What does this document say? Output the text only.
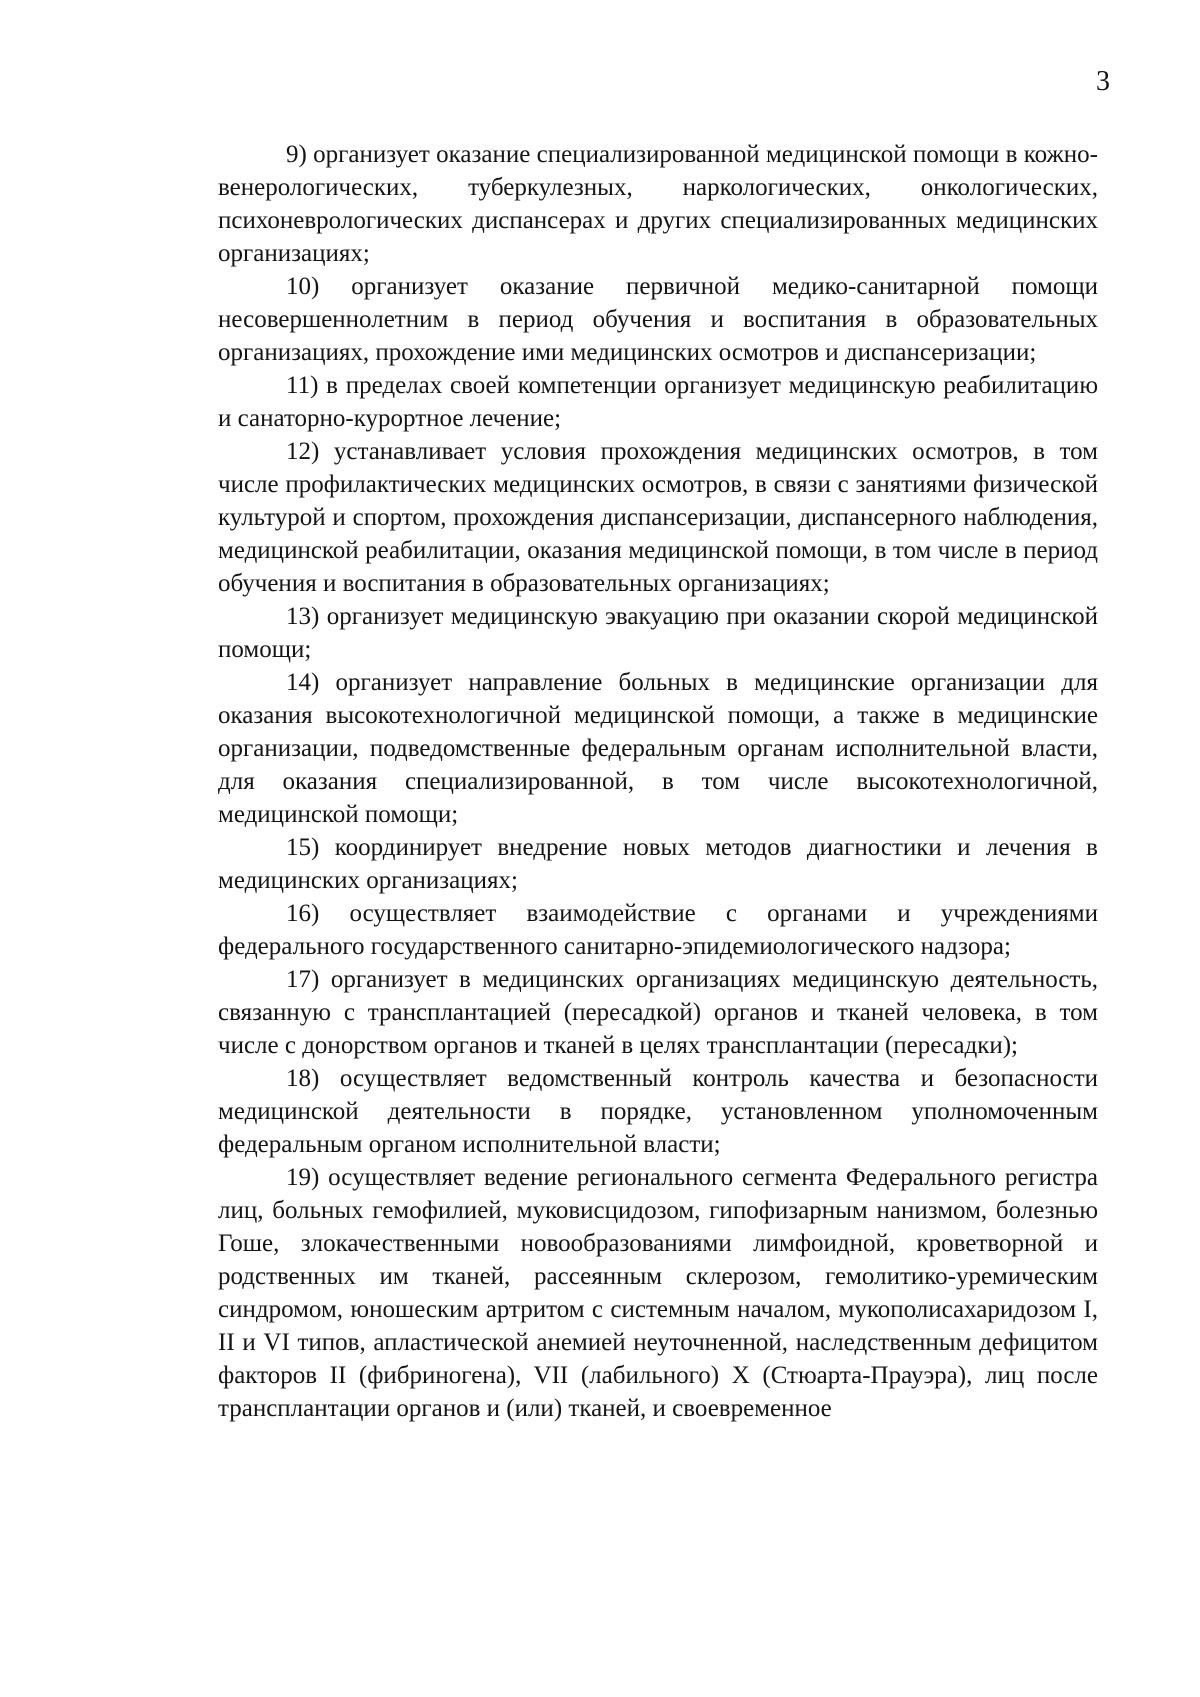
3

9) организует оказание специализированной медицинской помощи в кожно-венерологических, туберкулезных, наркологических, онкологических, психоневрологических диспансерах и других специализированных медицинских организациях;

10) организует оказание первичной медико-санитарной помощи несовершеннолетним в период обучения и воспитания в образовательных организациях, прохождение ими медицинских осмотров и диспансеризации;

11) в пределах своей компетенции организует медицинскую реабилитацию и санаторно-курортное лечение;

12) устанавливает условия прохождения медицинских осмотров, в том числе профилактических медицинских осмотров, в связи с занятиями физической культурой и спортом, прохождения диспансеризации, диспансерного наблюдения, медицинской реабилитации, оказания медицинской помощи, в том числе в период обучения и воспитания в образовательных организациях;

13) организует медицинскую эвакуацию при оказании скорой медицинской помощи;

14) организует направление больных в медицинские организации для оказания высокотехнологичной медицинской помощи, а также в медицинские организации, подведомственные федеральным органам исполнительной власти, для оказания специализированной, в том числе высокотехнологичной, медицинской помощи;

15) координирует внедрение новых методов диагностики и лечения в медицинских организациях;

16) осуществляет взаимодействие с органами и учреждениями федерального государственного санитарно-эпидемиологического надзора;

17) организует в медицинских организациях медицинскую деятельность, связанную с трансплантацией (пересадкой) органов и тканей человека, в том числе с донорством органов и тканей в целях трансплантации (пересадки);

18) осуществляет ведомственный контроль качества и безопасности медицинской деятельности в порядке, установленном уполномоченным федеральным органом исполнительной власти;

19) осуществляет ведение регионального сегмента Федерального регистра лиц, больных гемофилией, муковисцидозом, гипофизарным нанизмом, болезнью Гоше, злокачественными новообразованиями лимфоидной, кроветворной и родственных им тканей, рассеянным склерозом, гемолитико-уремическим синдромом, юношеским артритом с системным началом, мукополисахаридозом I, II и VI типов, апластической анемией неуточненной, наследственным дефицитом факторов II (фибриногена), VII (лабильного) X (Стюарта-Прауэра), лиц после трансплантации органов и (или) тканей, и своевременное
